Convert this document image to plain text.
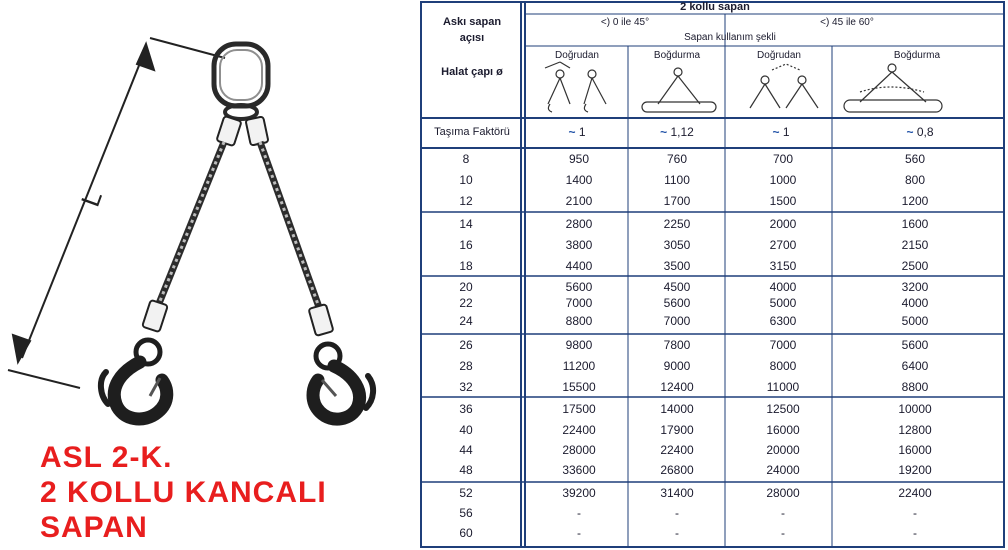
L
ASL 2-K.
2 KOLLU KANCALI
SAPAN
Askı sapan açısı
Halat çapı ø
2 kollu sapan
<) 0 ile 45°	<) 45 ile 60°
Sapan kullanım şekli
Doğrudan	Boğdurma	Doğrudan	Boğdurma
Taşıma Faktörü	~ 1	~ 1,12	~ 1	~ 0,8
8	950	760	700	560
10	1400	1100	1000	800
12	2100	1700	1500	1200
14	2800	2250	2000	1600
16	3800	3050	2700	2150
18	4400	3500	3150	2500
20	5600	4500	4000	3200
22	7000	5600	5000	4000
24	8800	7000	6300	5000
26	9800	7800	7000	5600
28	11200	9000	8000	6400
32	15500	12400	11000	8800
36	17500	14000	12500	10000
40	22400	17900	16000	12800
44	28000	22400	20000	16000
48	33600	26800	24000	19200
52	39200	31400	28000	22400
56	-	-	-	-
60	-	-	-	-
